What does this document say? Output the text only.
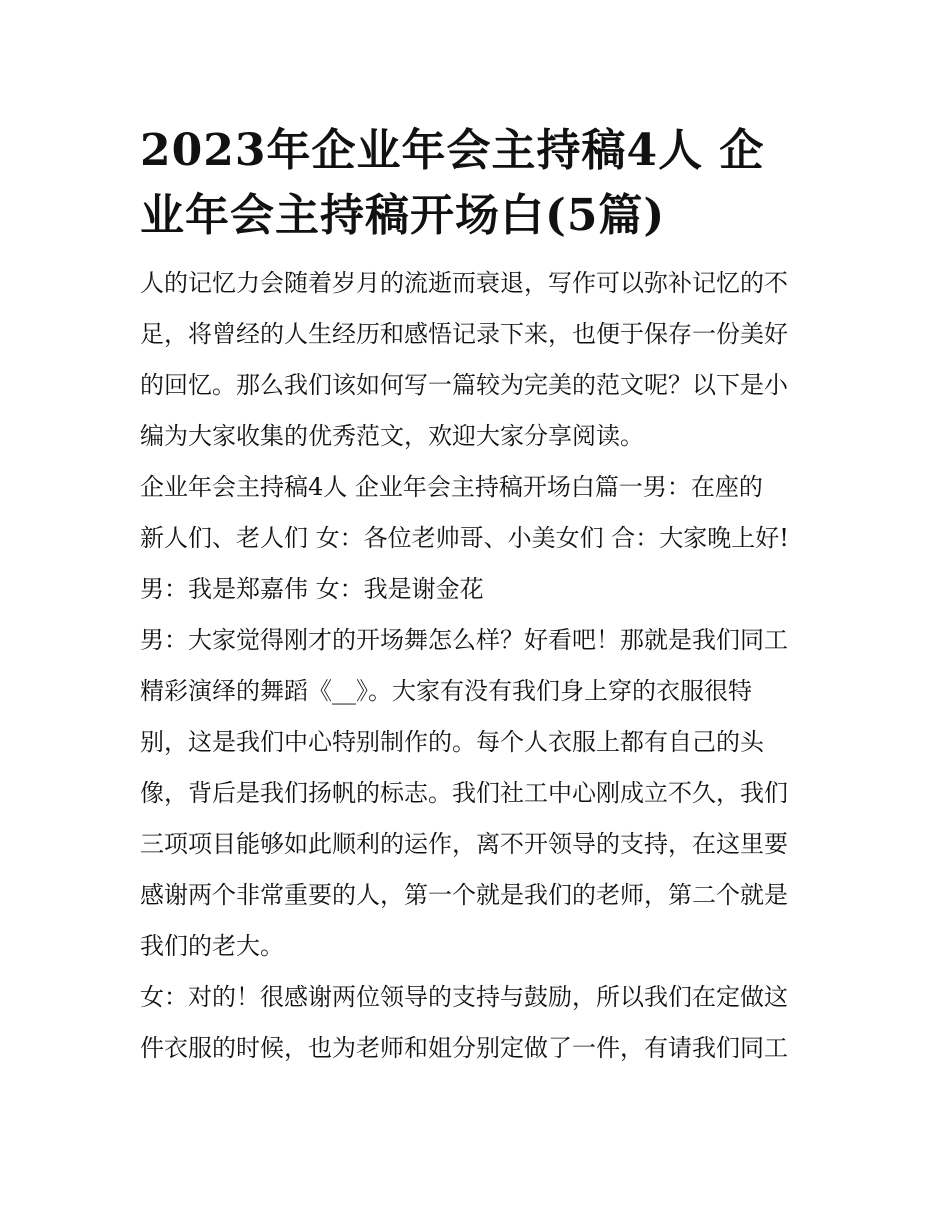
2023年企业年会主持稿4人 企
业年会主持稿开场白(5篇)

人的记忆力会随着岁月的流逝而衰退，写作可以弥补记忆的不
足，将曾经的人生经历和感悟记录下来，也便于保存一份美好
的回忆。那么我们该如何写一篇较为完美的范文呢？以下是小
编为大家收集的优秀范文，欢迎大家分享阅读。

企业年会主持稿4人 企业年会主持稿开场白篇一男：在座的
新人们、老人们 女：各位老帅哥、小美女们 合：大家晚上好!
男：我是郑嘉伟 女：我是谢金花

男：大家觉得刚才的开场舞怎么样？好看吧！那就是我们同工
精彩演绎的舞蹈《__》。大家有没有我们身上穿的衣服很特
别，这是我们中心特别制作的。每个人衣服上都有自己的头
像，背后是我们扬帆的标志。我们社工中心刚成立不久，我们
三项项目能够如此顺利的运作，离不开领导的支持，在这里要
感谢两个非常重要的人，第一个就是我们的老师，第二个就是
我们的老大。

女：对的！很感谢两位领导的支持与鼓励，所以我们在定做这
件衣服的时候，也为老师和姐分别定做了一件，有请我们同工
